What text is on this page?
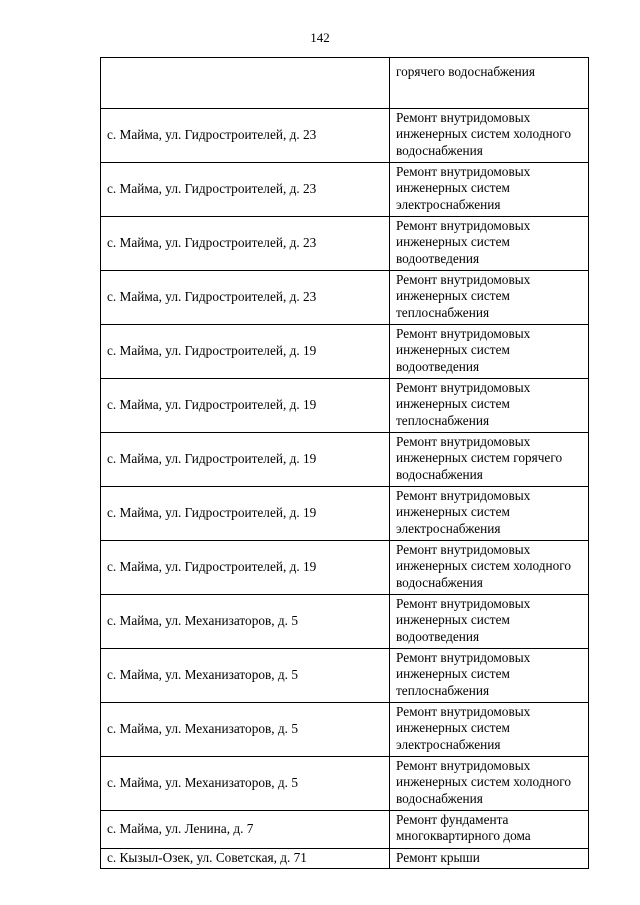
142
	горячего водоснабжения
с. Майма, ул. Гидростроителей, д. 23	Ремонт внутридомовых инженерных систем холодного водоснабжения
с. Майма, ул. Гидростроителей, д. 23	Ремонт внутридомовых инженерных систем электроснабжения
с. Майма, ул. Гидростроителей, д. 23	Ремонт внутридомовых инженерных систем водоотведения
с. Майма, ул. Гидростроителей, д. 23	Ремонт внутридомовых инженерных систем теплоснабжения
с. Майма, ул. Гидростроителей, д. 19	Ремонт внутридомовых инженерных систем водоотведения
с. Майма, ул. Гидростроителей, д. 19	Ремонт внутридомовых инженерных систем теплоснабжения
с. Майма, ул. Гидростроителей, д. 19	Ремонт внутридомовых инженерных систем горячего водоснабжения
с. Майма, ул. Гидростроителей, д. 19	Ремонт внутридомовых инженерных систем электроснабжения
с. Майма, ул. Гидростроителей, д. 19	Ремонт внутридомовых инженерных систем холодного водоснабжения
с. Майма, ул. Механизаторов, д. 5	Ремонт внутридомовых инженерных систем водоотведения
с. Майма, ул. Механизаторов, д. 5	Ремонт внутридомовых инженерных систем теплоснабжения
с. Майма, ул. Механизаторов, д. 5	Ремонт внутридомовых инженерных систем электроснабжения
с. Майма, ул. Механизаторов, д. 5	Ремонт внутридомовых инженерных систем холодного водоснабжения
с. Майма, ул. Ленина, д. 7	Ремонт фундамента многоквартирного дома
с. Кызыл-Озек, ул. Советская, д. 71	Ремонт крыши
